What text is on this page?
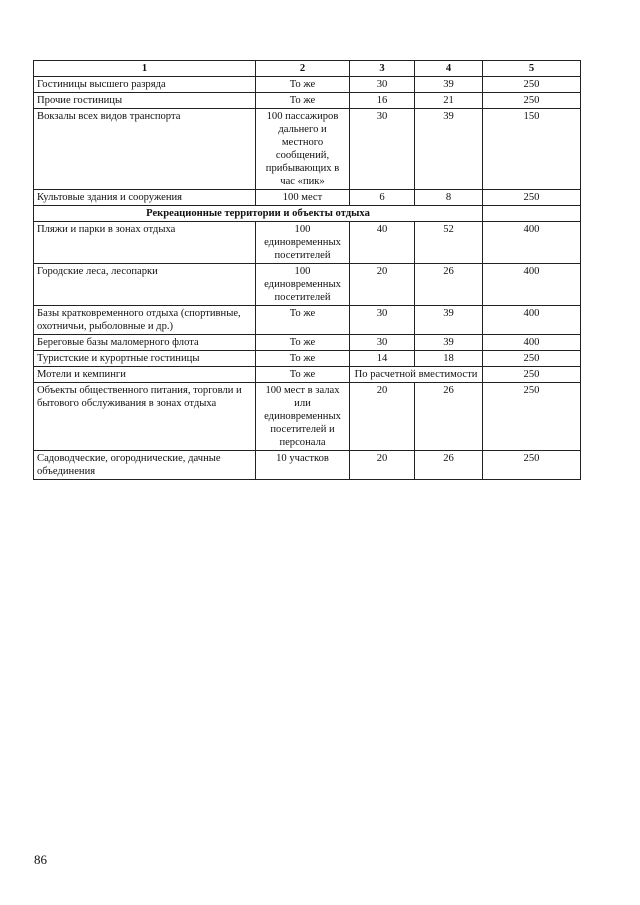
1	2	3	4	5
Гостиницы высшего разряда	То же	30	39	250
Прочие гостиницы	То же	16	21	250
Вокзалы всех видов транспорта	100 пассажиров дальнего и местного сообщений, прибывающих в час «пик»	30	39	150
Культовые здания и сооружения	100 мест	6	8	250
Рекреационные территории и объекты отдыха				
Пляжи и парки в зонах отдыха	100 единовременных посетителей	40	52	400
Городские леса, лесопарки	100 единовременных посетителей	20	26	400
Базы кратковременного отдыха (спортивные, охотничьи, рыболовные и др.)	То же	30	39	400
Береговые базы маломерного флота	То же	30	39	400
Туристские и курортные гостиницы	То же	14	18	250
Мотели и кемпинги	То же	По расчетной вместимости		250
Объекты общественного питания, торговли и бытового обслуживания в зонах отдыха	100 мест в залах или единовременных посетителей и персонала	20	26	250
Садоводческие, огороднические, дачные объединения	10 участков	20	26	250
86
